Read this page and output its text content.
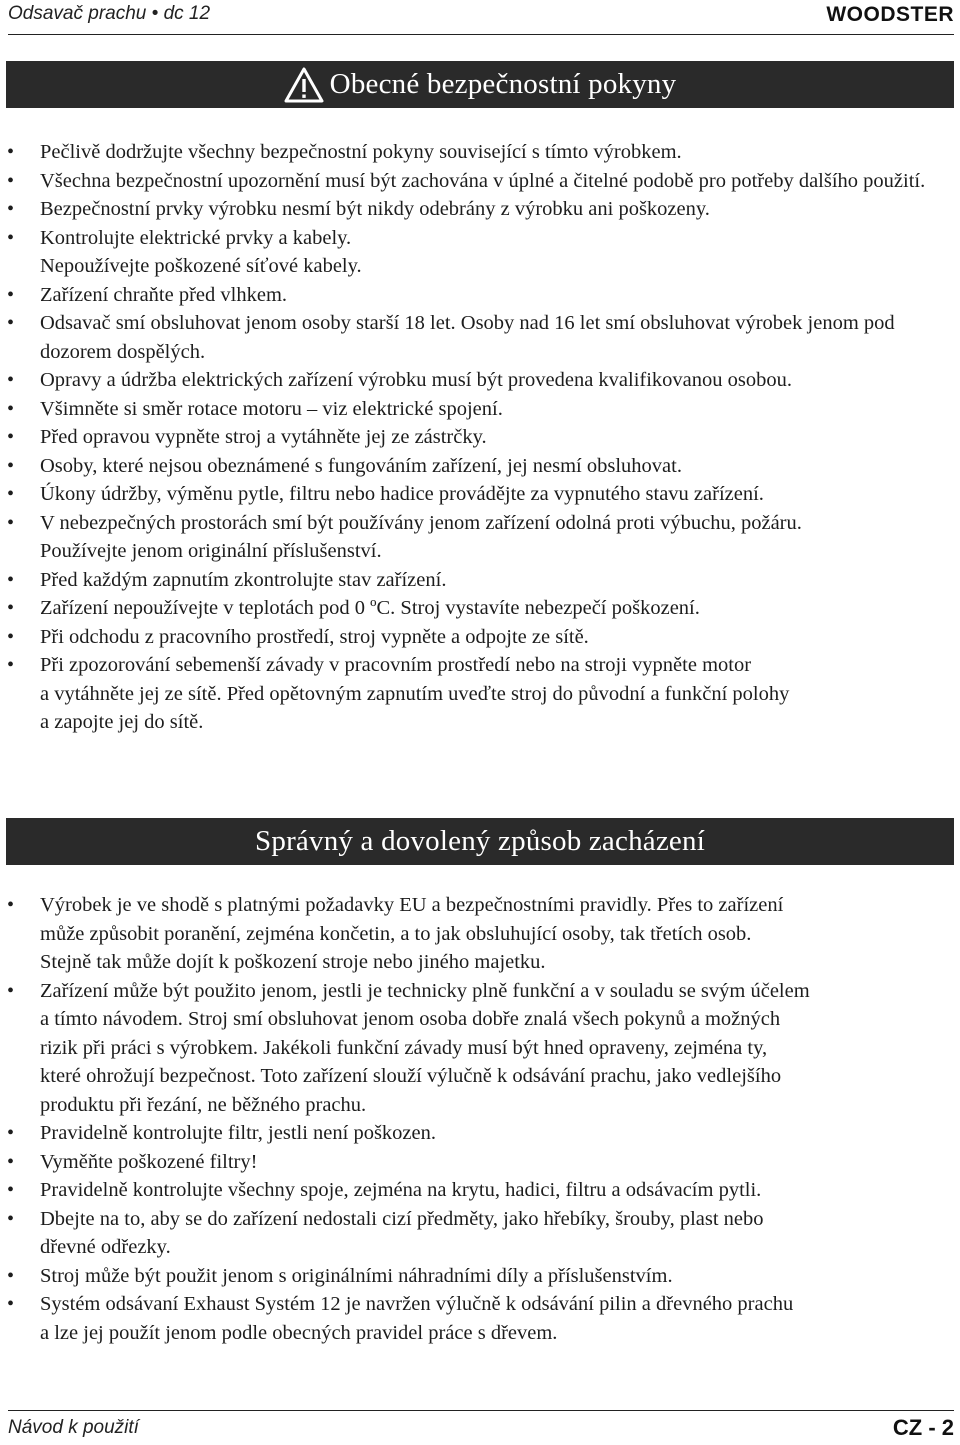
Odsavač prachu • dc 12	WOODSTER
Obecné bezpečnostní pokyny
• Pečlivě dodržujte všechny bezpečnostní pokyny související s tímto výrobkem.
• Všechna bezpečnostní upozornění musí být zachována v úplné a čitelné podobě pro potřeby dalšího použití.
• Bezpečnostní prvky výrobku nesmí být nikdy odebrány z výrobku ani poškozeny.
• Kontrolujte elektrické prvky a kabely.
Nepoužívejte poškozené síťové kabely.
• Zařízení chraňte před vlhkem.
• Odsavač smí obsluhovat jenom osoby starší 18 let. Osoby nad 16 let smí obsluhovat výrobek jenom pod dozorem dospělých.
• Opravy a údržba elektrických zařízení výrobku musí být provedena kvalifikovanou osobou.
• Všimněte si směr rotace motoru – viz elektrické spojení.
• Před opravou vypněte stroj a vytáhněte jej ze zástrčky.
• Osoby, které nejsou obeznámené s fungováním zařízení, jej nesmí obsluhovat.
• Úkony údržby, výměnu pytle, filtru nebo hadice provádějte za vypnutého stavu zařízení.
• V nebezpečných prostorách smí být používány jenom zařízení odolná proti výbuchu, požáru.
Používejte jenom originální příslušenství.
• Před každým zapnutím zkontrolujte stav zařízení.
• Zařízení nepoužívejte v teplotách pod 0 ºC. Stroj vystavíte nebezpečí poškození.
• Při odchodu z pracovního prostředí, stroj vypněte a odpojte ze sítě.
• Při zpozorování sebemenší závady v pracovním prostředí nebo na stroji vypněte motor
a vytáhněte jej ze sítě. Před opětovným zapnutím uveďte stroj do původní a funkční polohy
a zapojte jej do sítě.
Správný a dovolený způsob zacházení
• Výrobek je ve shodě s platnými požadavky EU a bezpečnostními pravidly. Přes to zařízení
může způsobit poranění, zejména končetin, a to jak obsluhující osoby, tak třetích osob.
Stejně tak může dojít k poškození stroje nebo jiného majetku.
• Zařízení může být použito jenom, jestli je technicky plně funkční a v souladu se svým účelem
a tímto návodem. Stroj smí obsluhovat jenom osoba dobře znalá všech pokynů a možných
rizik při práci s výrobkem. Jakékoli funkční závady musí být hned opraveny, zejména ty,
které ohrožují bezpečnost. Toto zařízení slouží výlučně k odsávání prachu, jako vedlejšího
produktu při řezání, ne běžného prachu.
• Pravidelně kontrolujte filtr, jestli není poškozen.
• Vyměňte poškozené filtry!
• Pravidelně kontrolujte všechny spoje, zejména na krytu, hadici, filtru a odsávacím pytli.
• Dbejte na to, aby se do zařízení nedostali cizí předměty, jako hřebíky, šrouby, plast nebo
dřevné odřezky.
• Stroj může být použit jenom s originálními náhradními díly a příslušenstvím.
• Systém odsávaní Exhaust Systém 12 je navržen výlučně k odsávání pilin a dřevného prachu
a lze jej použít jenom podle obecných pravidel práce s dřevem.
Návod k použití	CZ - 2
